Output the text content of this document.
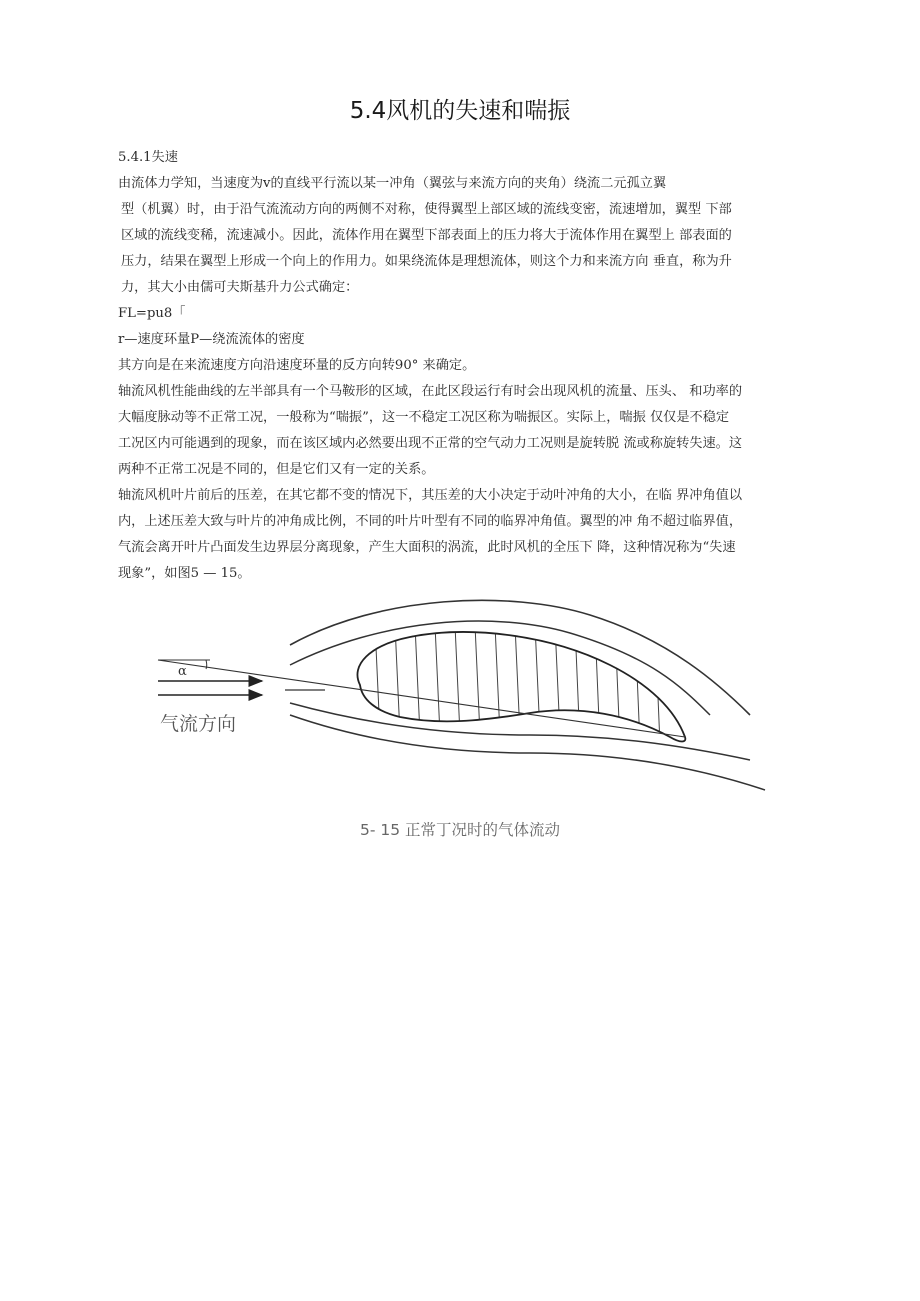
5.4风机的失速和喘振

5.4.1失速

由流体力学知，当速度为v的直线平行流以某一冲角（翼弦与来流方向的夹角）绕流二元孤立翼

型（机翼）时，由于沿气流流动方向的两侧不对称，使得翼型上部区域的流线变密，流速增加，翼型 下部

区域的流线变稀，流速减小。因此，流体作用在翼型下部表面上的压力将大于流体作用在翼型上 部表面的

压力，结果在翼型上形成一个向上的作用力。如果绕流体是理想流体，则这个力和来流方向 垂直，称为升

力，其大小由儒可夫斯基升力公式确定：

FL=pu8「

r—速度环量P—绕流流体的密度

其方向是在来流速度方向沿速度环量的反方向转90° 来确定。

轴流风机性能曲线的左半部具有一个马鞍形的区域，在此区段运行有时会出现风机的流量、压头、 和功率的

大幅度脉动等不正常工况，一般称为“喘振”，这一不稳定工况区称为喘振区。实际上，喘振 仅仅是不稳定

工况区内可能遇到的现象，而在该区域内必然要出现不正常的空气动力工况则是旋转脱 流或称旋转失速。这

两种不正常工况是不同的，但是它们又有一定的关系。

轴流风机叶片前后的压差，在其它都不变的情况下，其压差的大小决定于动叶冲角的大小，在临 界冲角值以

内，上述压差大致与叶片的冲角成比例，不同的叶片叶型有不同的临界冲角值。翼型的冲 角不超过临界值，

气流会离开叶片凸面发生边界层分离现象，产生大面积的涡流，此时风机的全压下 降，这种情况称为“失速

现象”，如图5 — 15。

α
气流方向
5- 15 正常丁况时的气体流动
